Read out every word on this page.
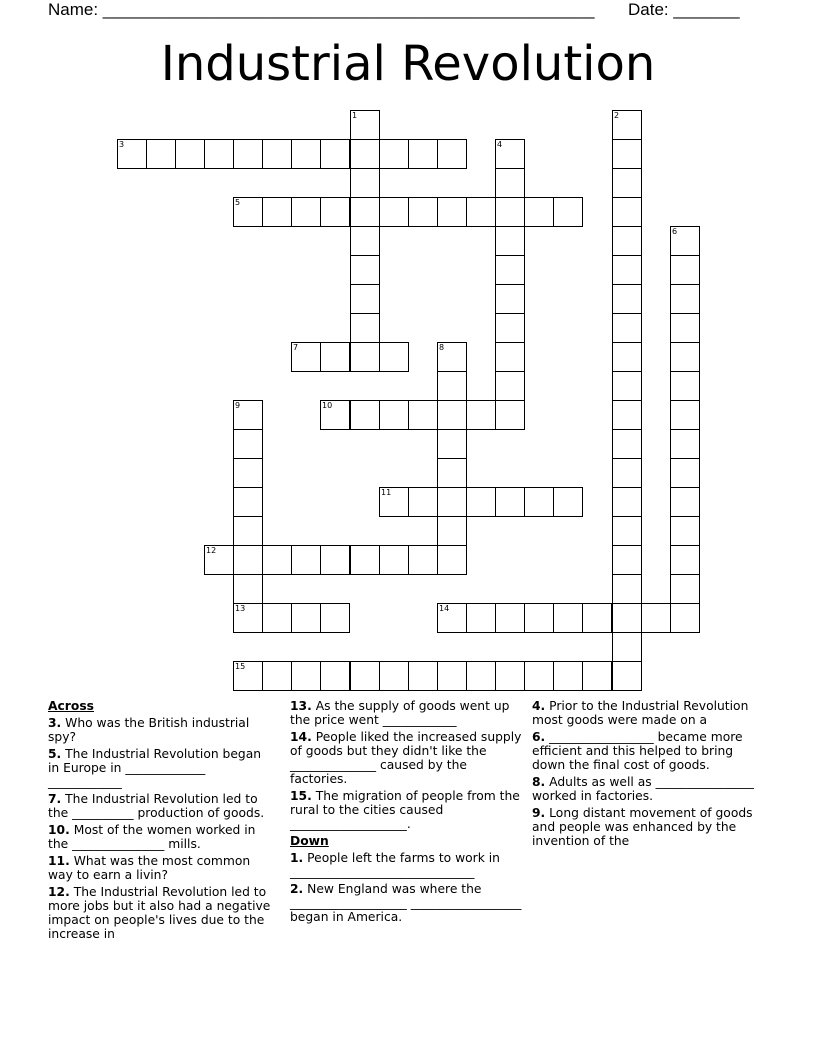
Name: ____________________________________________________ Date: _______
Industrial Revolution
1	2
3	4
5
6
7	8
9	10
11
12
13	14
15
Across
3. Who was the British industrial spy?
5. The Industrial Revolution began in Europe in _____________ ____________
7. The Industrial Revolution led to the __________ production of goods.
10. Most of the women worked in the _______________ mills.
11. What was the most common way to earn a livin?
12. The Industrial Revolution led to more jobs but it also had a negative impact on people's lives due to the increase in
13. As the supply of goods went up the price went ____________
14. People liked the increased supply of goods but they didn't like the ______________ caused by the factories.
15. The migration of people from the rural to the cities caused ___________________.
Down
1. People left the farms to work in ______________________________
2. New England was where the ___________________ __________________ began in America.
4. Prior to the Industrial Revolution most goods were made on a
6. _________________ became more efficient and this helped to bring down the final cost of goods.
8. Adults as well as ________________ worked in factories.
9. Long distant movement of goods and people was enhanced by the invention of the
